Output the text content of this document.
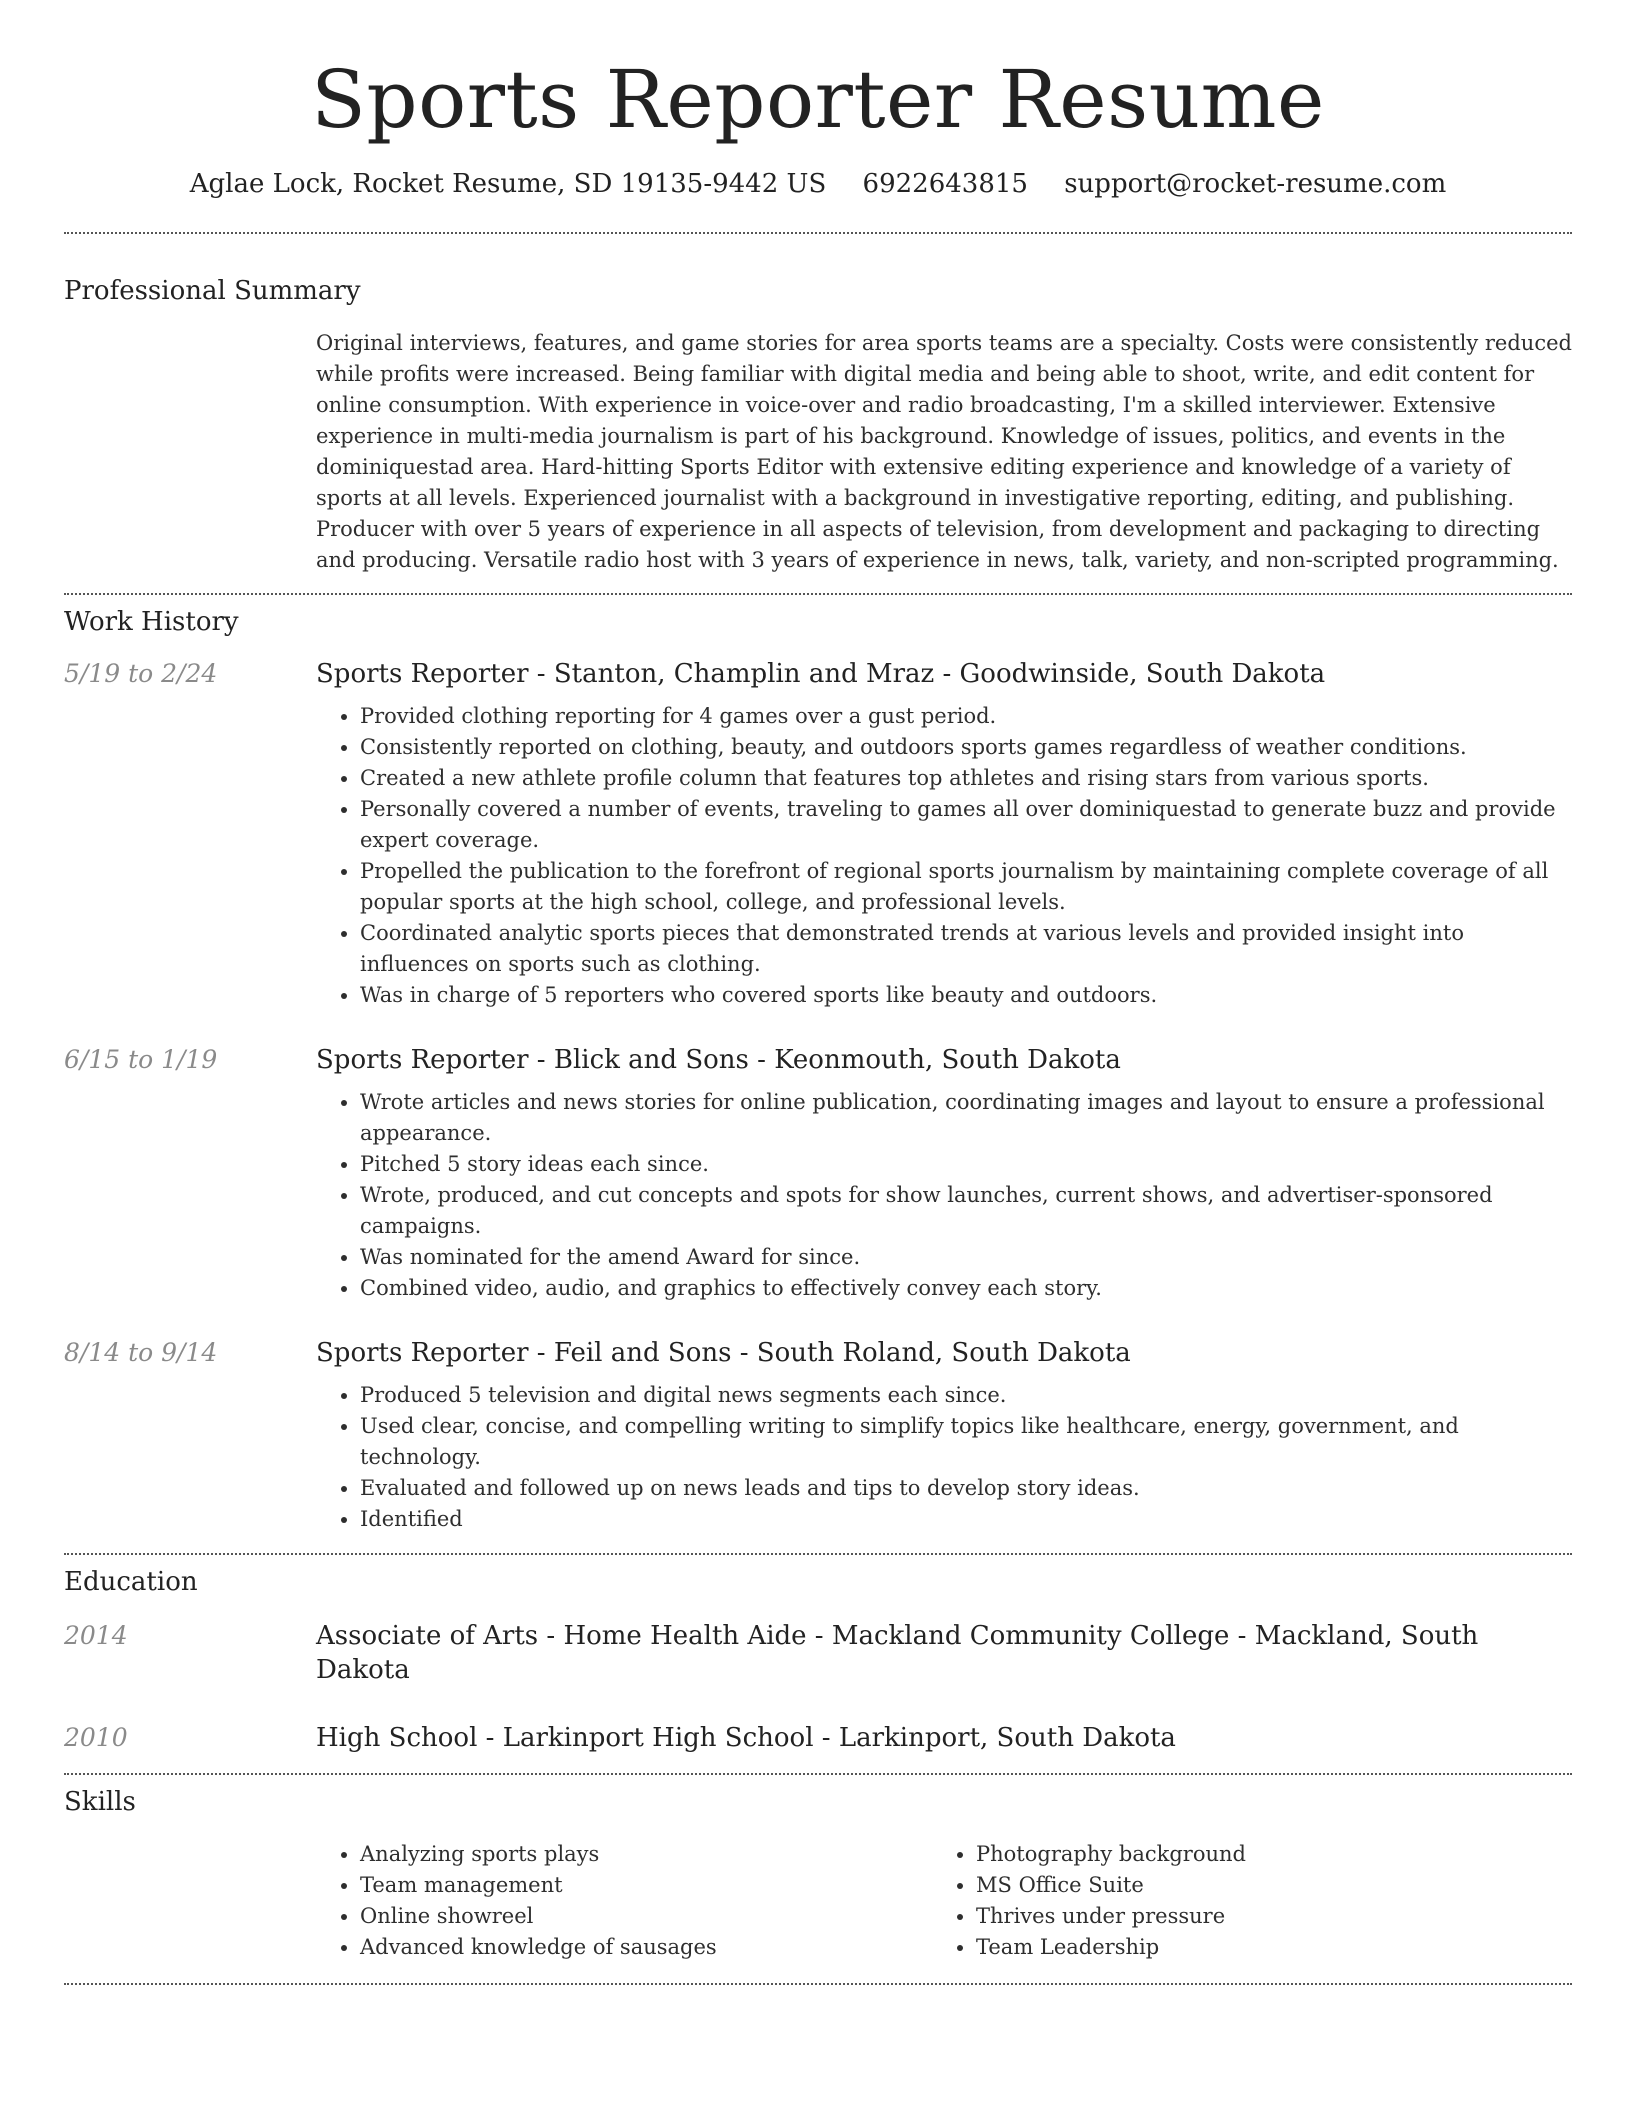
Sports Reporter Resume
Aglae Lock, Rocket Resume, SD 19135-9442 US 6922643815 support@rocket-resume.com
Professional Summary
Original interviews, features, and game stories for area sports teams are a specialty. Costs were consistently reduced while profits were increased. Being familiar with digital media and being able to shoot, write, and edit content for online consumption. With experience in voice-over and radio broadcasting, I'm a skilled interviewer. Extensive experience in multi-media journalism is part of his background. Knowledge of issues, politics, and events in the dominiquestad area. Hard-hitting Sports Editor with extensive editing experience and knowledge of a variety of sports at all levels. Experienced journalist with a background in investigative reporting, editing, and publishing. Producer with over 5 years of experience in all aspects of television, from development and packaging to directing and producing. Versatile radio host with 3 years of experience in news, talk, variety, and non-scripted programming.
Work History
5/19 to 2/24	Sports Reporter - Stanton, Champlin and Mraz - Goodwinside, South Dakota
• Provided clothing reporting for 4 games over a gust period.
• Consistently reported on clothing, beauty, and outdoors sports games regardless of weather conditions.
• Created a new athlete profile column that features top athletes and rising stars from various sports.
• Personally covered a number of events, traveling to games all over dominiquestad to generate buzz and provide expert coverage.
• Propelled the publication to the forefront of regional sports journalism by maintaining complete coverage of all popular sports at the high school, college, and professional levels.
• Coordinated analytic sports pieces that demonstrated trends at various levels and provided insight into influences on sports such as clothing.
• Was in charge of 5 reporters who covered sports like beauty and outdoors.
6/15 to 1/19	Sports Reporter - Blick and Sons - Keonmouth, South Dakota
• Wrote articles and news stories for online publication, coordinating images and layout to ensure a professional appearance.
• Pitched 5 story ideas each since.
• Wrote, produced, and cut concepts and spots for show launches, current shows, and advertiser-sponsored campaigns.
• Was nominated for the amend Award for since.
• Combined video, audio, and graphics to effectively convey each story.
8/14 to 9/14	Sports Reporter - Feil and Sons - South Roland, South Dakota
• Produced 5 television and digital news segments each since.
• Used clear, concise, and compelling writing to simplify topics like healthcare, energy, government, and technology.
• Evaluated and followed up on news leads and tips to develop story ideas.
• Identified
Education
2014	Associate of Arts - Home Health Aide - Mackland Community College - Mackland, South Dakota
2010	High School - Larkinport High School - Larkinport, South Dakota
Skills
• Analyzing sports plays
• Team management
• Online showreel
• Advanced knowledge of sausages
• Photography background
• MS Office Suite
• Thrives under pressure
• Team Leadership
